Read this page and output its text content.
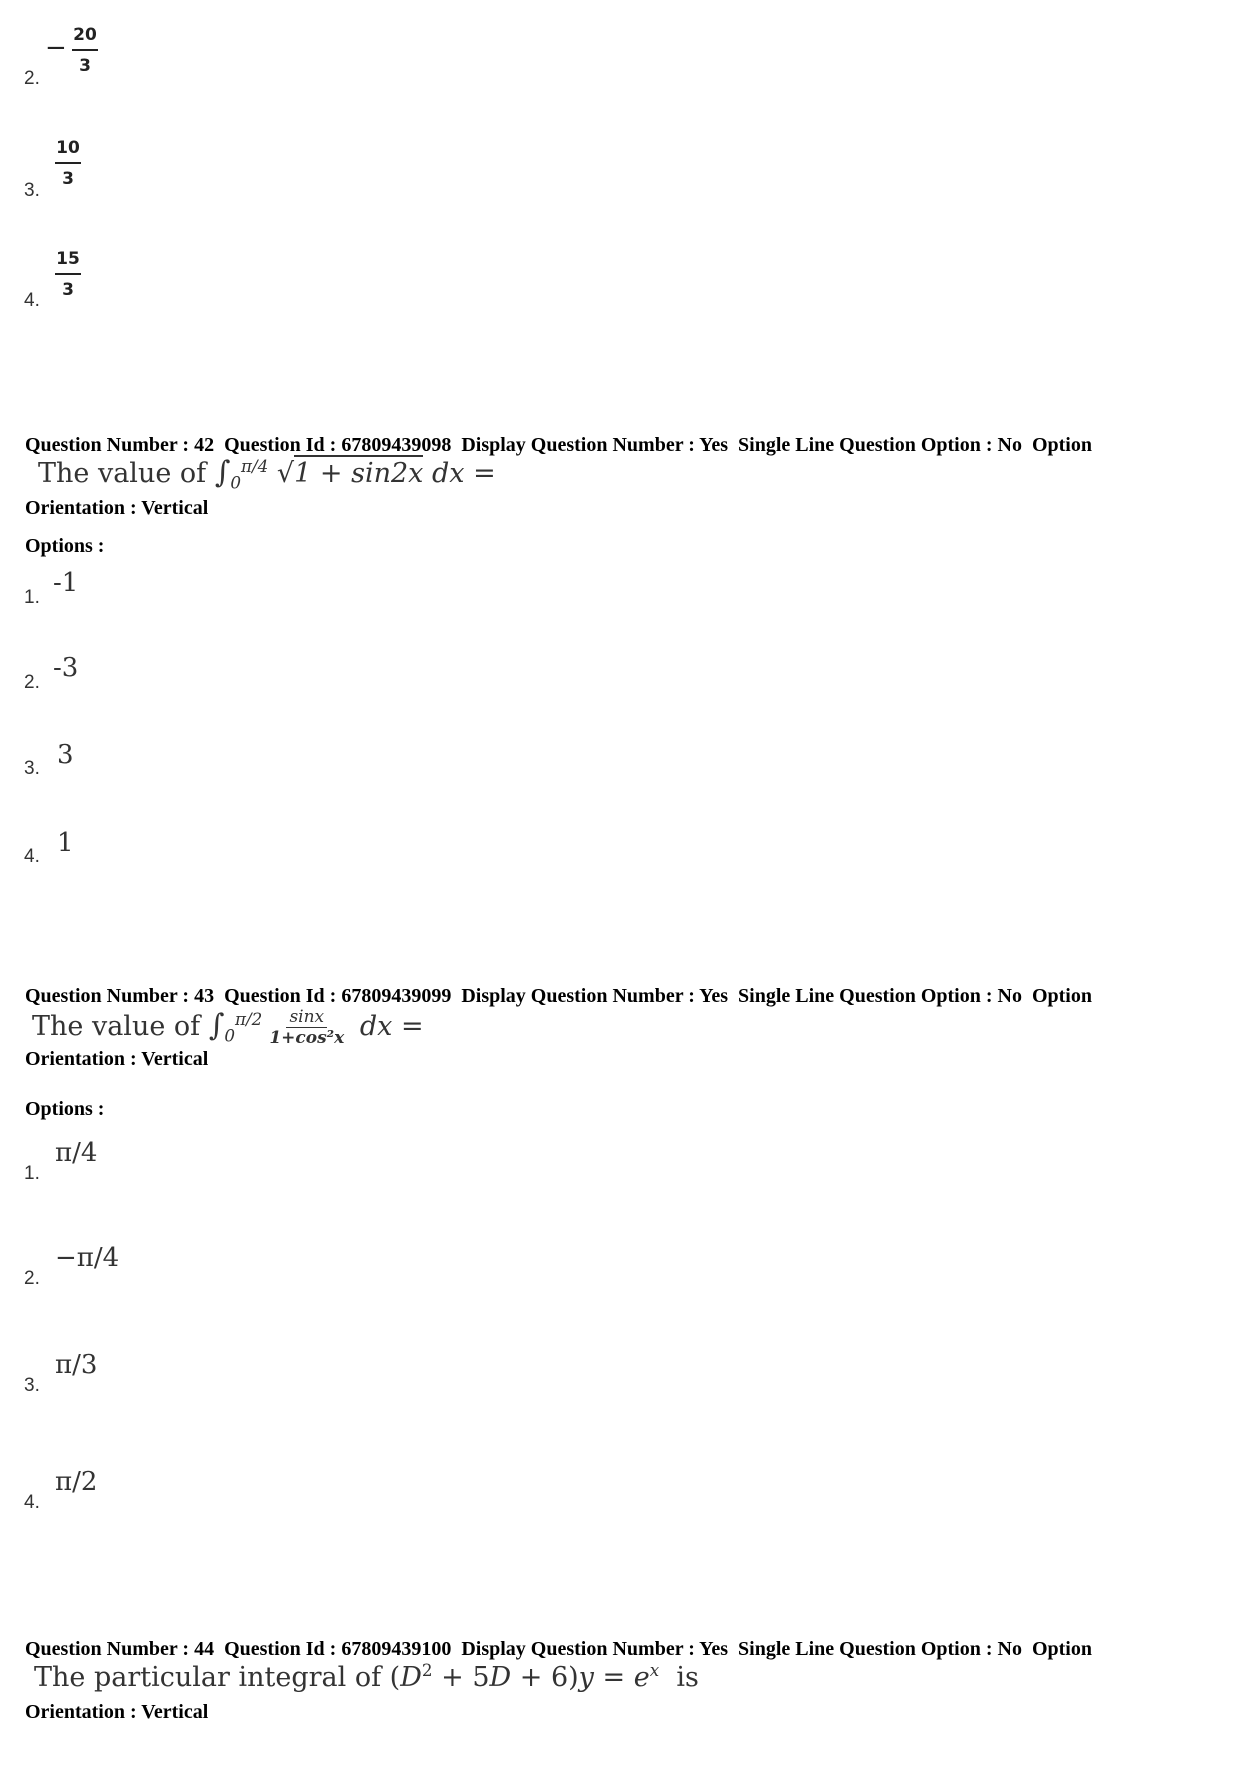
2.
− 20
3
3.
10
3
4.
15
3

Question Number : 42  Question Id : 67809439098  Display Question Number : Yes  Single Line Question Option : No  Option

Orientation : Vertical

The value of $\int_0^{\pi/4}$ √1 + sin2x dx =
Options :
1. -1
2. -3
3. 3
4. 1

Question Number : 43  Question Id : 67809439099  Display Question Number : Yes  Single Line Question Option : No  Option

Orientation : Vertical

The value of $\int_0^{\pi/2} \frac{\sin x}{\text{1+cos²x}}$ dx =
Options :
1.
π/4
2.
−π/4
3.
π/3
4.
π/2

Question Number : 44  Question Id : 67809439100  Display Question Number : Yes  Single Line Question Option : No  Option

Orientation : Vertical

The particular integral of $(D^2 + 5D + 6)y = e^x$  is
